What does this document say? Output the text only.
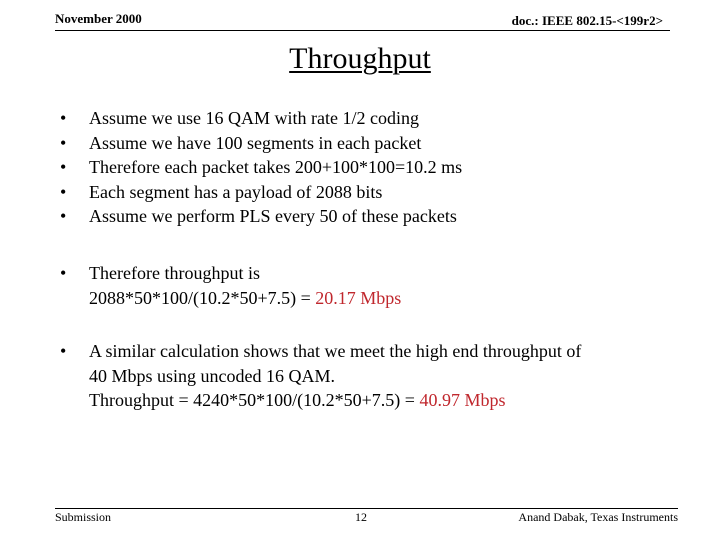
November 2000	doc.: IEEE 802.15-<199r2>
Throughput
• Assume we use 16 QAM with rate 1/2 coding
• Assume we have 100 segments in each packet
• Therefore each packet takes 200+100*100=10.2 ms
• Each segment has a payload of 2088 bits
• Assume we perform PLS every 50 of these packets
• Therefore throughput is
2088*50*100/(10.2*50+7.5) = 20.17 Mbps
• A similar calculation shows that we meet the high end throughput of
40 Mbps using uncoded 16 QAM.
Throughput = 4240*50*100/(10.2*50+7.5) = 40.97 Mbps
Submission	12	Anand Dabak, Texas Instruments
